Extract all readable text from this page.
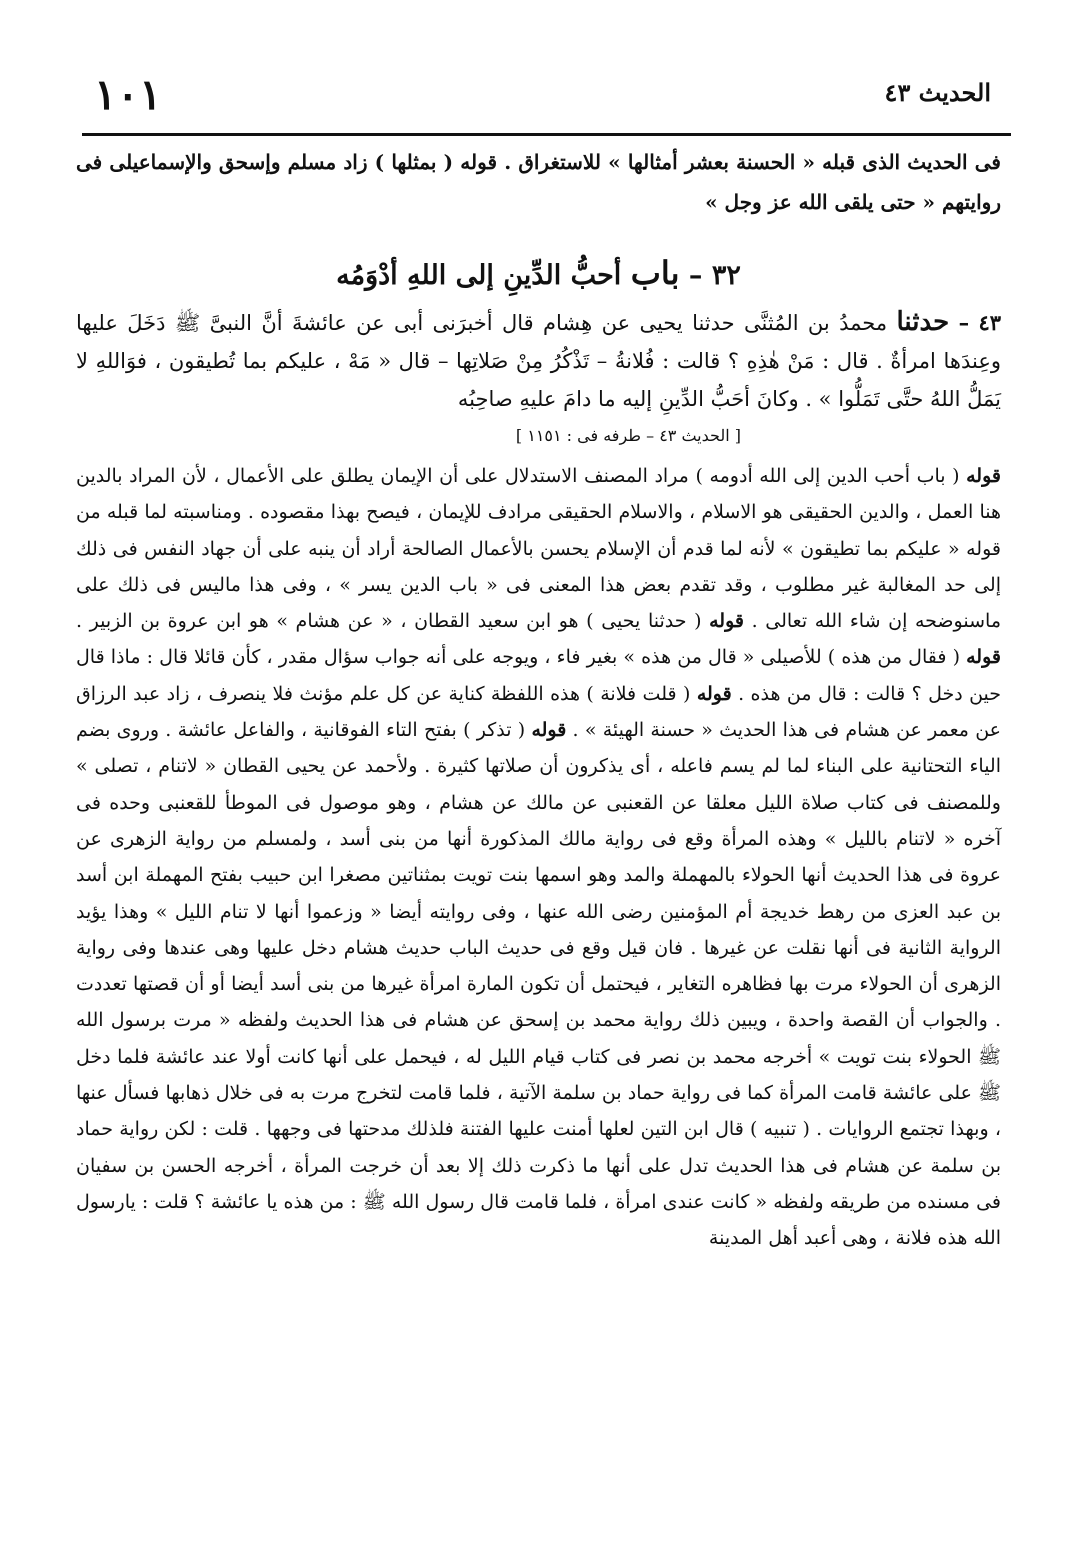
الحديث ٤٣
١٠١

فى الحديث الذى قبله « الحسنة بعشر أمثالها » للاستغراق . قوله ( بمثلها ) زاد مسلم وإسحق والإسماعيلى فى روايتهم « حتى يلقى الله عز وجل »

٣٢ – باب أحبُّ الدِّينِ إلى اللهِ أدْوَمُه

٤٣ – حدثنا محمدُ بن المُثنَّى حدثنا يحيى عن هِشام قال أخبرَنى أبى عن عائشةَ أنَّ النبىَّ ﷺ دَخَلَ عليها وعِندَها امرأةٌ . قال : مَنْ هٰذِهِ ؟ قالت : فُلانةُ – تَذْكُرُ مِنْ صَلاتِها – قال « مَهْ ، عليكم بما تُطيقون ، فوَاللهِ لا يَمَلُّ اللهُ حتَّى تَمَلُّوا » . وكانَ أحَبُّ الدِّينِ إليه ما دامَ عليهِ صاحِبُه

[ الحديث ٤٣ – طرفه فى : ١١٥١ ]

قوله ( باب أحب الدين إلى الله أدومه ) مراد المصنف الاستدلال على أن الإيمان يطلق على الأعمال ، لأن المراد بالدين هنا العمل ، والدين الحقيقى هو الاسلام ، والاسلام الحقيقى مرادف للإيمان ، فيصح بهذا مقصوده . ومناسبته لما قبله من قوله « عليكم بما تطيقون » لأنه لما قدم أن الإسلام يحسن بالأعمال الصالحة أراد أن ينبه على أن جهاد النفس فى ذلك إلى حد المغالبة غير مطلوب ، وقد تقدم بعض هذا المعنى فى « باب الدين يسر » ، وفى هذا ماليس فى ذلك على ماسنوضحه إن شاء الله تعالى . قوله ( حدثنا يحيى ) هو ابن سعيد القطان ، « عن هشام » هو ابن عروة بن الزبير . قوله ( فقال من هذه ) للأصيلى « قال من هذه » بغير فاء ، ويوجه على أنه جواب سؤال مقدر ، كأن قائلا قال : ماذا قال حين دخل ؟ قالت : قال من هذه . قوله ( قلت فلانة ) هذه اللفظة كناية عن كل علم مؤنث فلا ينصرف ، زاد عبد الرزاق عن معمر عن هشام فى هذا الحديث « حسنة الهيئة » . قوله ( تذكر ) بفتح التاء الفوقانية ، والفاعل عائشة . وروى بضم الياء التحتانية على البناء لما لم يسم فاعله ، أى يذكرون أن صلاتها كثيرة . ولأحمد عن يحيى القطان « لاتنام ، تصلى » وللمصنف فى كتاب صلاة الليل معلقا عن القعنبى عن مالك عن هشام ، وهو موصول فى الموطأ للقعنبى وحده فى آخره « لاتنام بالليل » وهذه المرأة وقع فى رواية مالك المذكورة أنها من بنى أسد ، ولمسلم من رواية الزهرى عن عروة فى هذا الحديث أنها الحولاء بالمهملة والمد وهو اسمها بنت تويت بمثناتين مصغرا ابن حبيب بفتح المهملة ابن أسد بن عبد العزى من رهط خديجة أم المؤمنين رضى الله عنها ، وفى روايته أيضا « وزعموا أنها لا تنام الليل » وهذا يؤيد الرواية الثانية فى أنها نقلت عن غيرها . فان قيل وقع فى حديث الباب حديث هشام دخل عليها وهى عندها وفى رواية الزهرى أن الحولاء مرت بها فظاهره التغاير ، فيحتمل أن تكون المارة امرأة غيرها من بنى أسد أيضا أو أن قصتها تعددت . والجواب أن القصة واحدة ، ويبين ذلك رواية محمد بن إسحق عن هشام فى هذا الحديث ولفظه « مرت برسول الله ﷺ الحولاء بنت تويت » أخرجه محمد بن نصر فى كتاب قيام الليل له ، فيحمل على أنها كانت أولا عند عائشة فلما دخل ﷺ على عائشة قامت المرأة كما فى رواية حماد بن سلمة الآتية ، فلما قامت لتخرج مرت به فى خلال ذهابها فسأل عنها ، وبهذا تجتمع الروايات . ( تنبيه ) قال ابن التين لعلها أمنت عليها الفتنة فلذلك مدحتها فى وجهها . قلت : لكن رواية حماد بن سلمة عن هشام فى هذا الحديث تدل على أنها ما ذكرت ذلك إلا بعد أن خرجت المرأة ، أخرجه الحسن بن سفيان فى مسنده من طريقه ولفظه « كانت عندى امرأة ، فلما قامت قال رسول الله ﷺ : من هذه يا عائشة ؟ قلت : يارسول الله هذه فلانة ، وهى أعبد أهل المدينة
